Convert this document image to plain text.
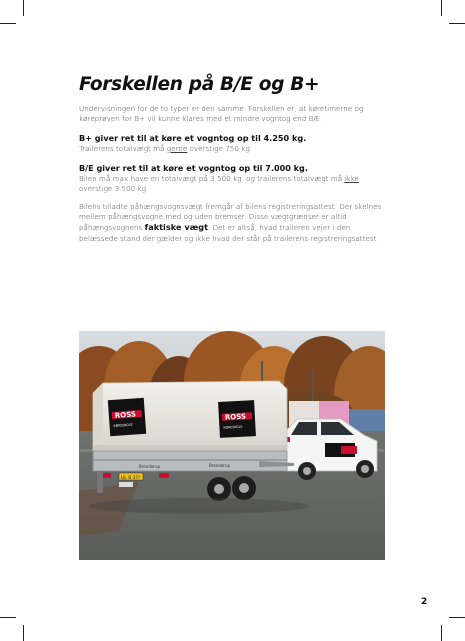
Forskellen på B/E og B+

Undervisningen for de to typer er den samme. Forskellen er, at køretimerne og køreprøven for B+ vil kunne klares med et mindre vogntog end B/E.

B+ giver ret til at køre et vogntog op til 4.250 kg.

Trailerens totalvægt må gerne overstige 750 kg.

B/E giver ret til at køre et vogntog op til 7.000 kg.

Bilen må max have en totalvægt på 3.500 kg. og trailerens totalvægt må ikke overstige 3.500 kg.

Bilens tilladte påhængsvognsvægt fremgår af bilens registreringsattest. Der skelnes mellem påhængsvogne med og uden bremser. Disse vægtgrænser er altid påhængsvognens faktiske vægt. Det er altså, hvad traileren vejer i den belæssede stand der gælder og ikke hvad der står på trailerens registreringsattest.

ROSS
KØRESKOLE
ROSS
KØRESKOLE
Brenderup	Brenderup
UL 8 3??
2
